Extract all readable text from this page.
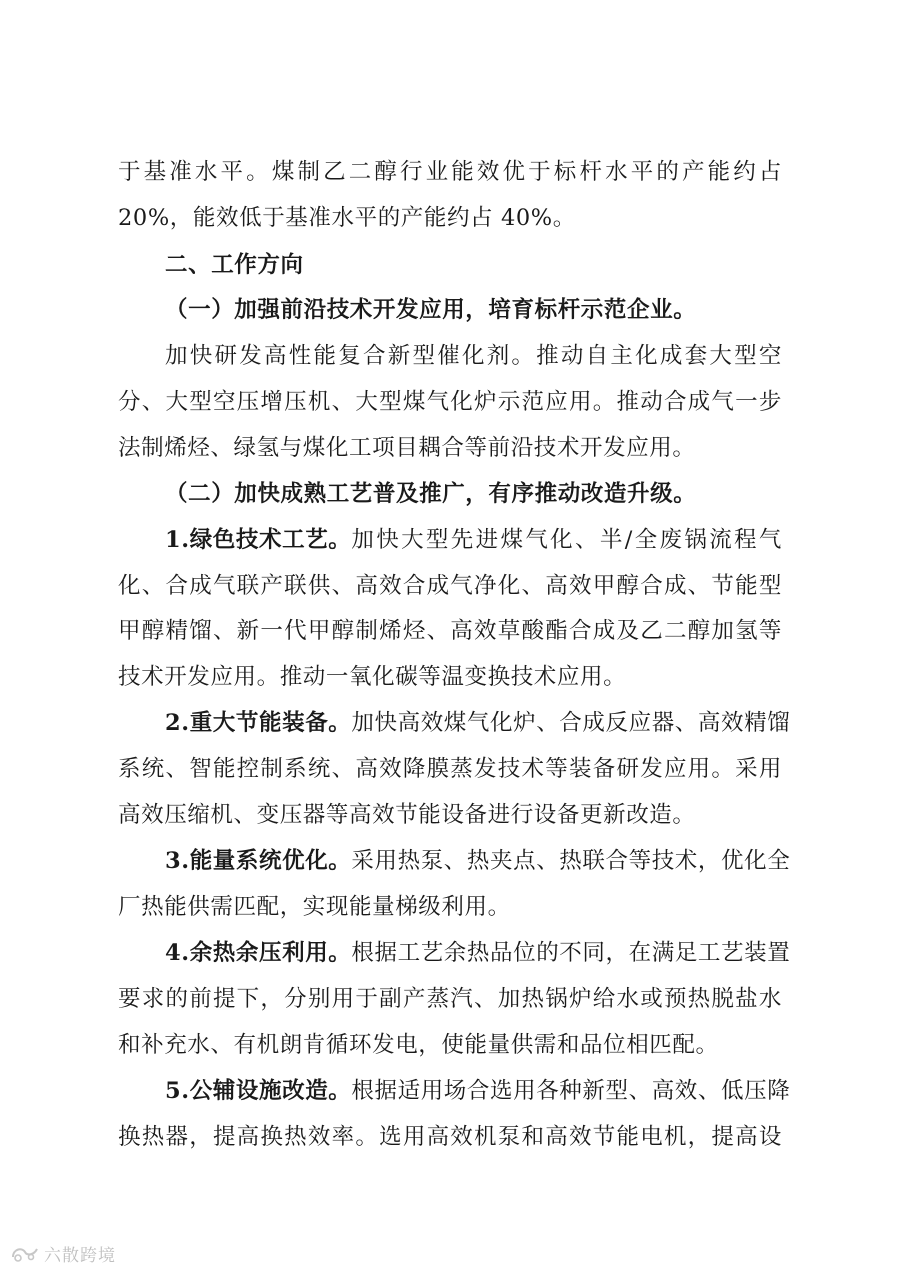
于基准水平。煤制乙二醇行业能效优于标杆水平的产能约占
20%，能效低于基准水平的产能约占 40%。
二、工作方向
（一）加强前沿技术开发应用，培育标杆示范企业。
加快研发高性能复合新型催化剂。推动自主化成套大型空
分、大型空压增压机、大型煤气化炉示范应用。推动合成气一步
法制烯烃、绿氢与煤化工项目耦合等前沿技术开发应用。
（二）加快成熟工艺普及推广，有序推动改造升级。
1.绿色技术工艺。 加快大型先进煤气化、半/全废锅流程气
化、合成气联产联供、高效合成气净化、高效甲醇合成、节能型
甲醇精馏、新一代甲醇制烯烃、高效草酸酯合成及乙二醇加氢等
技术开发应用。推动一氧化碳等温变换技术应用。
2.重大节能装备。 加快高效煤气化炉、合成反应器、高效精馏
系统、智能控制系统、高效降膜蒸发技术等装备研发应用。采用
高效压缩机、变压器等高效节能设备进行设备更新改造。
3.能量系统优化。 采用热泵、热夹点、热联合等技术，优化全
厂热能供需匹配，实现能量梯级利用。
4.余热余压利用。 根据工艺余热品位的不同，在满足工艺装置
要求的前提下，分别用于副产蒸汽、加热锅炉给水或预热脱盐水
和补充水、有机朗肯循环发电，使能量供需和品位相匹配。
5.公辅设施改造。 根据适用场合选用各种新型、高效、低压降
换热器，提高换热效率。选用高效机泵和高效节能电机，提高设
六散跨境
